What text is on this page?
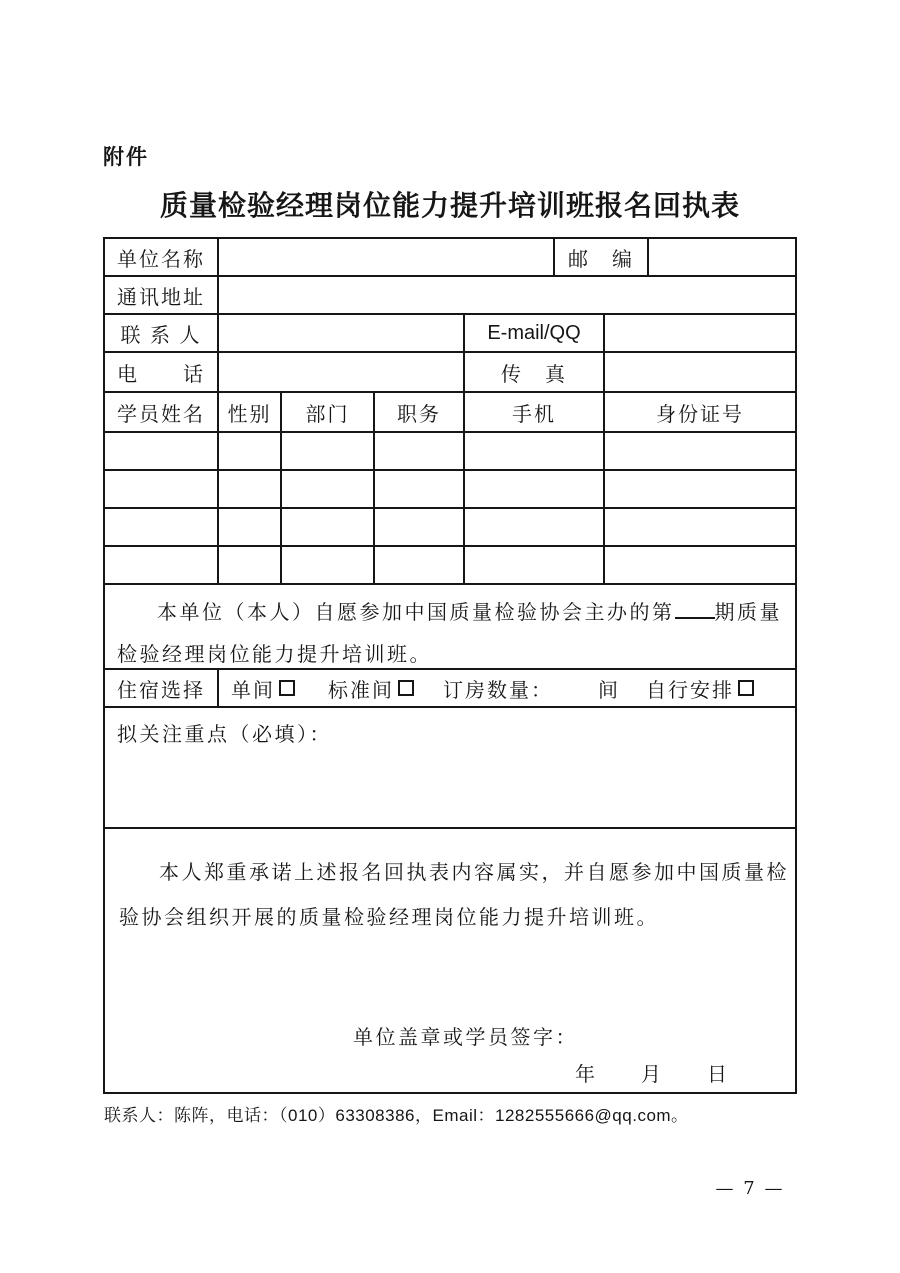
附件
质量检验经理岗位能力提升培训班报名回执表
单位名称	邮　编
通讯地址
联 系 人	E-mail/QQ
电　　话	传　真
学员姓名	性别	部门	职务	手机	身份证号
本单位（本人）自愿参加中国质量检验协会主办的第 期质量
检验经理岗位能力提升培训班。
住宿选择	单间	标准间 订房数量： 间 自行安排
拟关注重点（必填）：
本人郑重承诺上述报名回执表内容属实，并自愿参加中国质量检
验协会组织开展的质量检验经理岗位能力提升培训班。
单位盖章或学员签字：
年　　月　　日
联系人：陈阵，电话：（010）63308386，Email：1282555666@qq.com。
— 7 —
